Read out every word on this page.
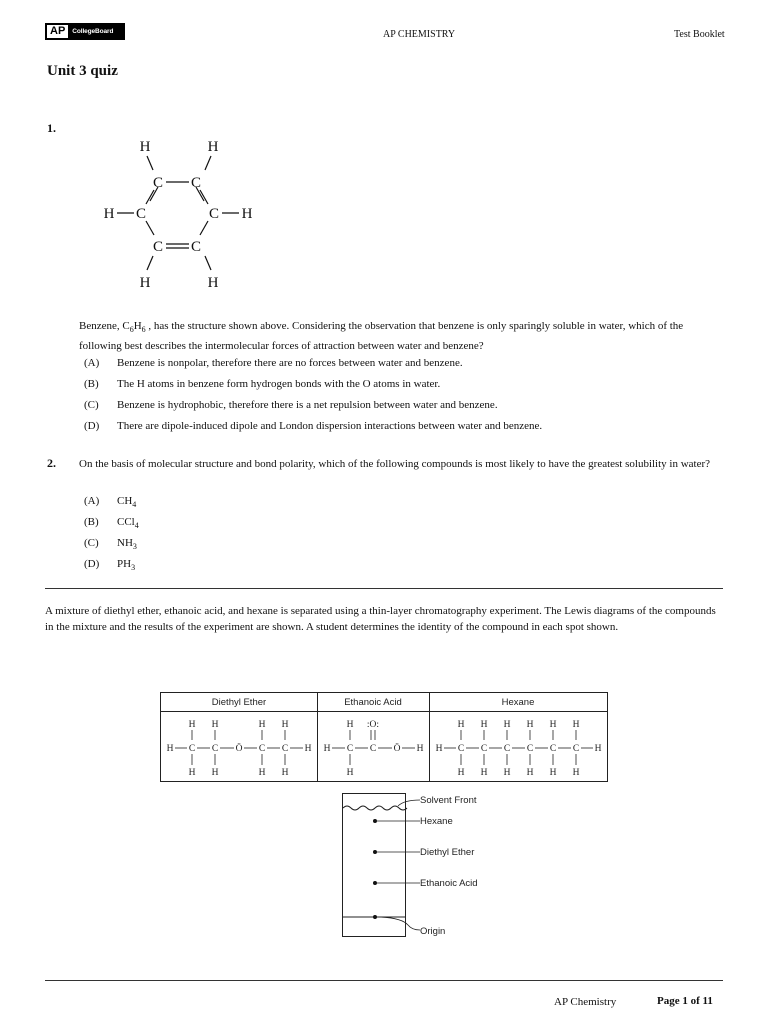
AP	CollegeBoard	AP CHEMISTRY	Test Booklet
Unit 3 quiz
1.
H	H
C C
H C	C H
C C
H	H
Benzene, $C_6H_6$ , has the structure shown above. Considering the observation that benzene is only sparingly soluble in water, which of the following best describes the intermolecular forces of attraction between water and benzene?
(A) Benzene is nonpolar, therefore there are no forces between water and benzene.
(B) The H atoms in benzene form hydrogen bonds with the O atoms in water.
(C) Benzene is hydrophobic, therefore there is a net repulsion between water and benzene.
(D) There are dipole-induced dipole and London dispersion interactions between water and benzene.
2. On the basis of molecular structure and bond polarity, which of the following compounds is most likely to have the greatest solubility in water?
(A) $CH_4$
(B) CCl$_4$
(C) $NH_3$
(D) $PH_3$
A mixture of diethyl ether, ethanoic acid, and hexane is separated using a thin-layer chromatography experiment. The Lewis diagrams of the compounds in the mixture and the results of the experiment are shown. A student determines the identity of the compound in each spot shown.
Diethyl Ether	Ethanoic Acid	Hexane
H C C Ö C C H
H
H
H
H
H
H
H
H
H C C Ö H
H
H
:O:
H C C C C C C H
H
H
H
H
H
H
H
H
H
H
H
H
Solvent Front
Hexane
Diethyl Ether
Ethanoic Acid
Origin
AP Chemistry	Page 1 of 11
